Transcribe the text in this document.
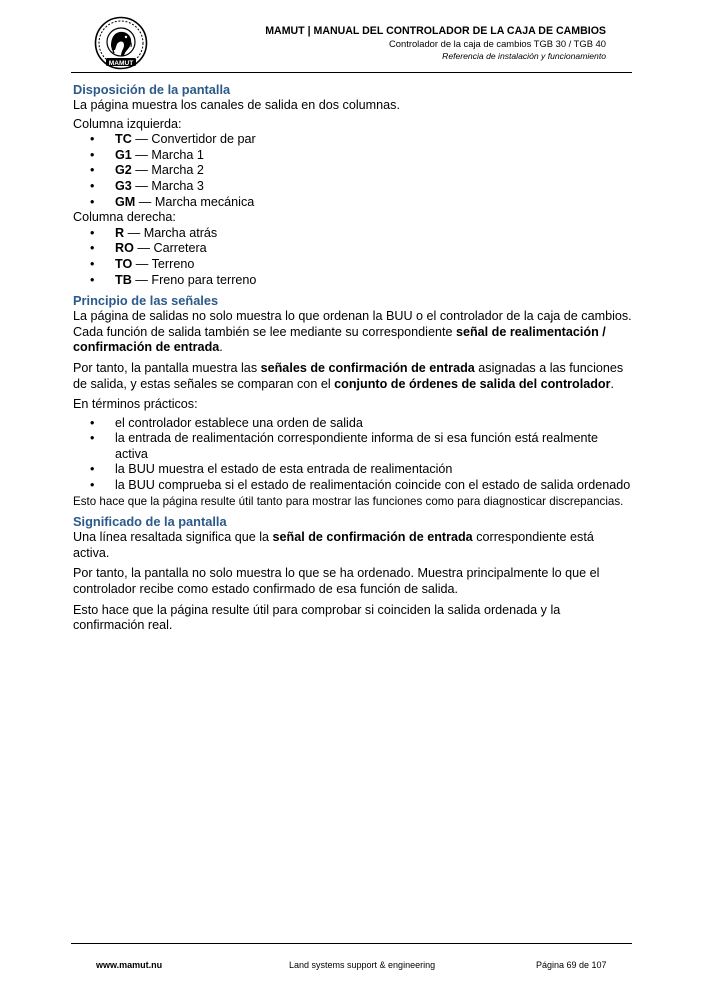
MAMUT
MAMUT | MANUAL DEL CONTROLADOR DE LA CAJA DE CAMBIOS
Controlador de la caja de cambios TGB 30 / TGB 40
Referencia de instalación y funcionamiento
Disposición de la pantalla

La página muestra los canales de salida en dos columnas.

Columna izquierda:

• TC — Convertidor de par
• G1 — Marcha 1
• G2 — Marcha 2
• G3 — Marcha 3
• GM — Marcha mecánica

Columna derecha:

• R — Marcha atrás
• RO — Carretera
• TO — Terreno
• TB — Freno para terreno
Principio de las señales

La página de salidas no solo muestra lo que ordenan la BUU o el controlador de la caja de cambios. Cada función de salida también se lee mediante su correspondiente señal de realimentación / confirmación de entrada.

Por tanto, la pantalla muestra las señales de confirmación de entrada asignadas a las funciones de salida, y estas señales se comparan con el conjunto de órdenes de salida del controlador.

En términos prácticos:

• el controlador establece una orden de salida
• la entrada de realimentación correspondiente informa de si esa función está realmente activa
• la BUU muestra el estado de esta entrada de realimentación
• la BUU comprueba si el estado de realimentación coincide con el estado de salida ordenado

Esto hace que la página resulte útil tanto para mostrar las funciones como para diagnosticar discrepancias.

Significado de la pantalla

Una línea resaltada significa que la señal de confirmación de entrada correspondiente está activa.

Por tanto, la pantalla no solo muestra lo que se ha ordenado. Muestra principalmente lo que el controlador recibe como estado confirmado de esa función de salida.

Esto hace que la página resulte útil para comprobar si coinciden la salida ordenada y la confirmación real.

www.mamut.nu	Land systems support & engineering	Página 69 de 107
